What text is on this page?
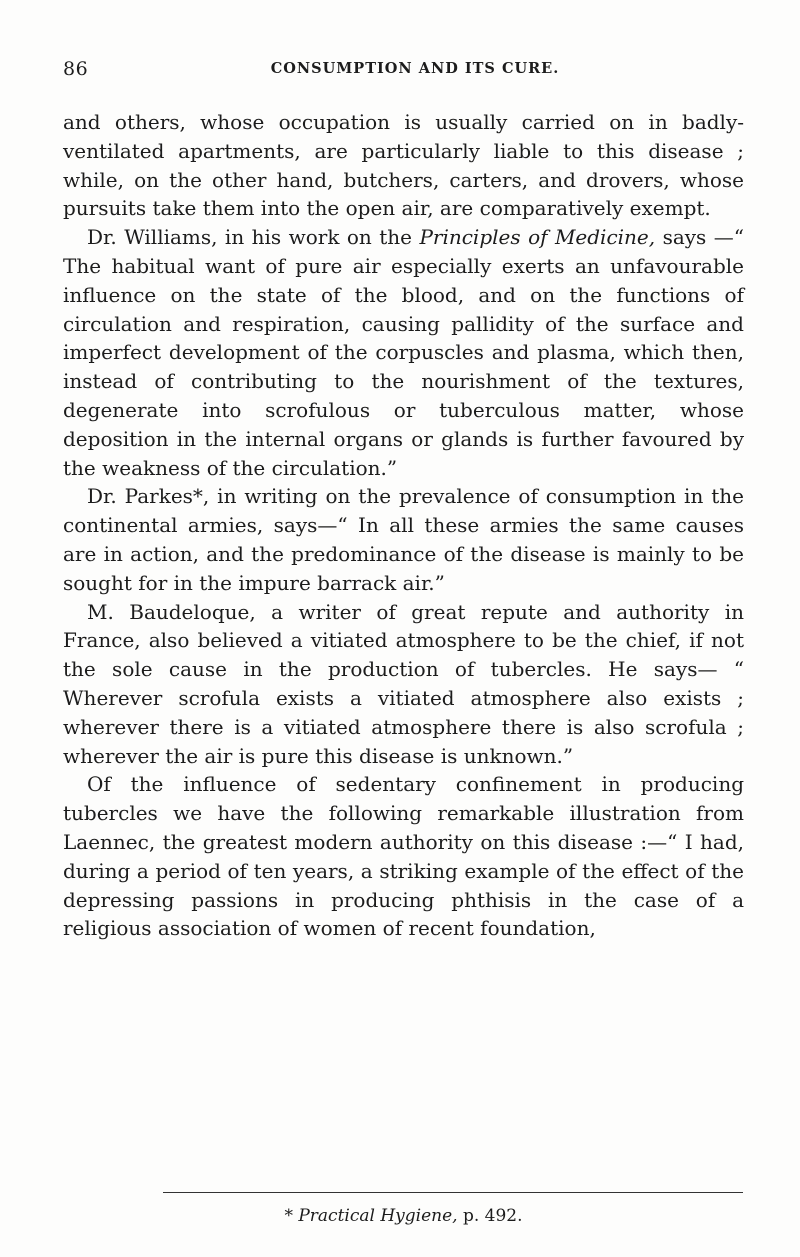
86	CONSUMPTION AND ITS CURE.

and others, whose occupation is usually carried on in badly-ventilated apartments, are particularly liable to this disease ; while, on the other hand, butchers, carters, and drovers, whose pursuits take them into the open air, are comparatively exempt.

Dr. Williams, in his work on the Principles of Medicine, says —“ The habitual want of pure air especially exerts an unfavourable influence on the state of the blood, and on the functions of circulation and respiration, causing pallidity of the surface and imperfect development of the corpuscles and plasma, which then, instead of contributing to the nourishment of the textures, degenerate into scrofulous or tuberculous matter, whose deposition in the internal organs or glands is further favoured by the weakness of the circulation.”

Dr. Parkes*, in writing on the prevalence of consumption in the continental armies, says—“ In all these armies the same causes are in action, and the predominance of the disease is mainly to be sought for in the impure barrack air.”

M. Baudeloque, a writer of great repute and authority in France, also believed a vitiated atmosphere to be the chief, if not the sole cause in the production of tubercles. He says— “ Wherever scrofula exists a vitiated atmosphere also exists ; wherever there is a vitiated atmosphere there is also scrofula ; wherever the air is pure this disease is unknown.”

Of the influence of sedentary confinement in producing tubercles we have the following remarkable illustration from Laennec, the greatest modern authority on this disease :—“ I had, during a period of ten years, a striking example of the effect of the depressing passions in producing phthisis in the case of a religious association of women of recent foundation,

* Practical Hygiene, p. 492.
